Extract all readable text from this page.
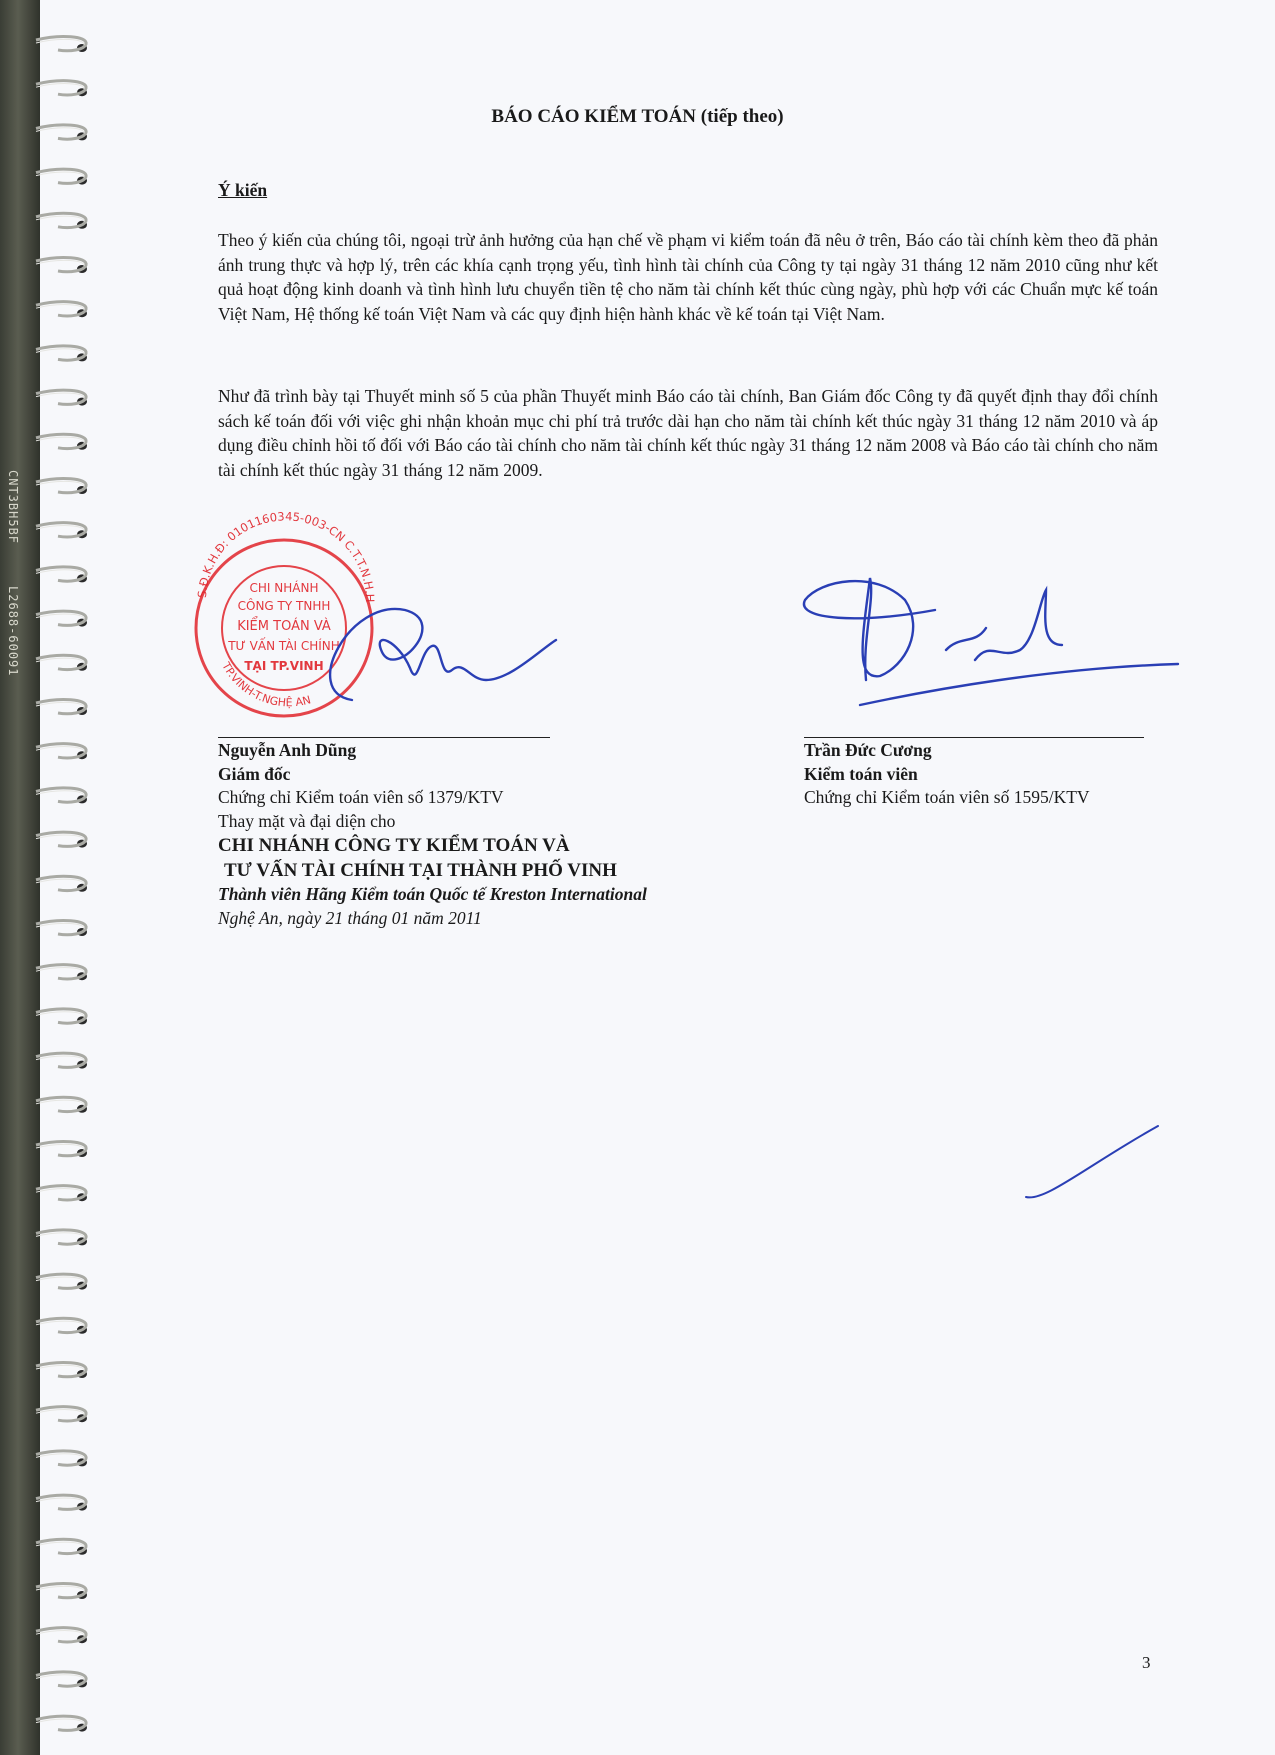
CNT3BH5BFL2688-60091
BÁO CÁO KIỂM TOÁN (tiếp theo)
Ý kiến
Theo ý kiến của chúng tôi, ngoại trừ ảnh hưởng của hạn chế về phạm vi kiểm toán đã nêu ở trên, Báo cáo tài chính kèm theo đã phản ánh trung thực và hợp lý, trên các khía cạnh trọng yếu, tình hình tài chính của Công ty tại ngày 31 tháng 12 năm 2010 cũng như kết quả hoạt động kinh doanh và tình hình lưu chuyển tiền tệ cho năm tài chính kết thúc cùng ngày, phù hợp với các Chuẩn mực kế toán Việt Nam, Hệ thống kế toán Việt Nam và các quy định hiện hành khác về kế toán tại Việt Nam.
Như đã trình bày tại Thuyết minh số 5 của phần Thuyết minh Báo cáo tài chính, Ban Giám đốc Công ty đã quyết định thay đổi chính sách kế toán đối với việc ghi nhận khoản mục chi phí trả trước dài hạn cho năm tài chính kết thúc ngày 31 tháng 12 năm 2010 và áp dụng điều chỉnh hồi tố đối với Báo cáo tài chính cho năm tài chính kết thúc ngày 31 tháng 12 năm 2008 và Báo cáo tài chính cho năm tài chính kết thúc ngày 31 tháng 12 năm 2009.
S.Đ.K.H.Đ: 0101160345-003-CN C.T.T.N.H.H
TP.VINH-T.NGHỆ AN
CHI NHÁNH
CÔNG TY TNHH
KIỂM TOÁN VÀ
TƯ VẤN TÀI CHÍNH
TẠI TP.VINH
Nguyễn Anh Dũng
Giám đốc
Chứng chỉ Kiểm toán viên số 1379/KTV
Thay mặt và đại diện cho
CHI NHÁNH CÔNG TY KIỂM TOÁN VÀ
TƯ VẤN TÀI CHÍNH TẠI THÀNH PHỐ VINH
Thành viên Hãng Kiểm toán Quốc tế Kreston International
Nghệ An, ngày 21 tháng 01 năm 2011
Trần Đức Cương
Kiểm toán viên
Chứng chỉ Kiểm toán viên số 1595/KTV
3
